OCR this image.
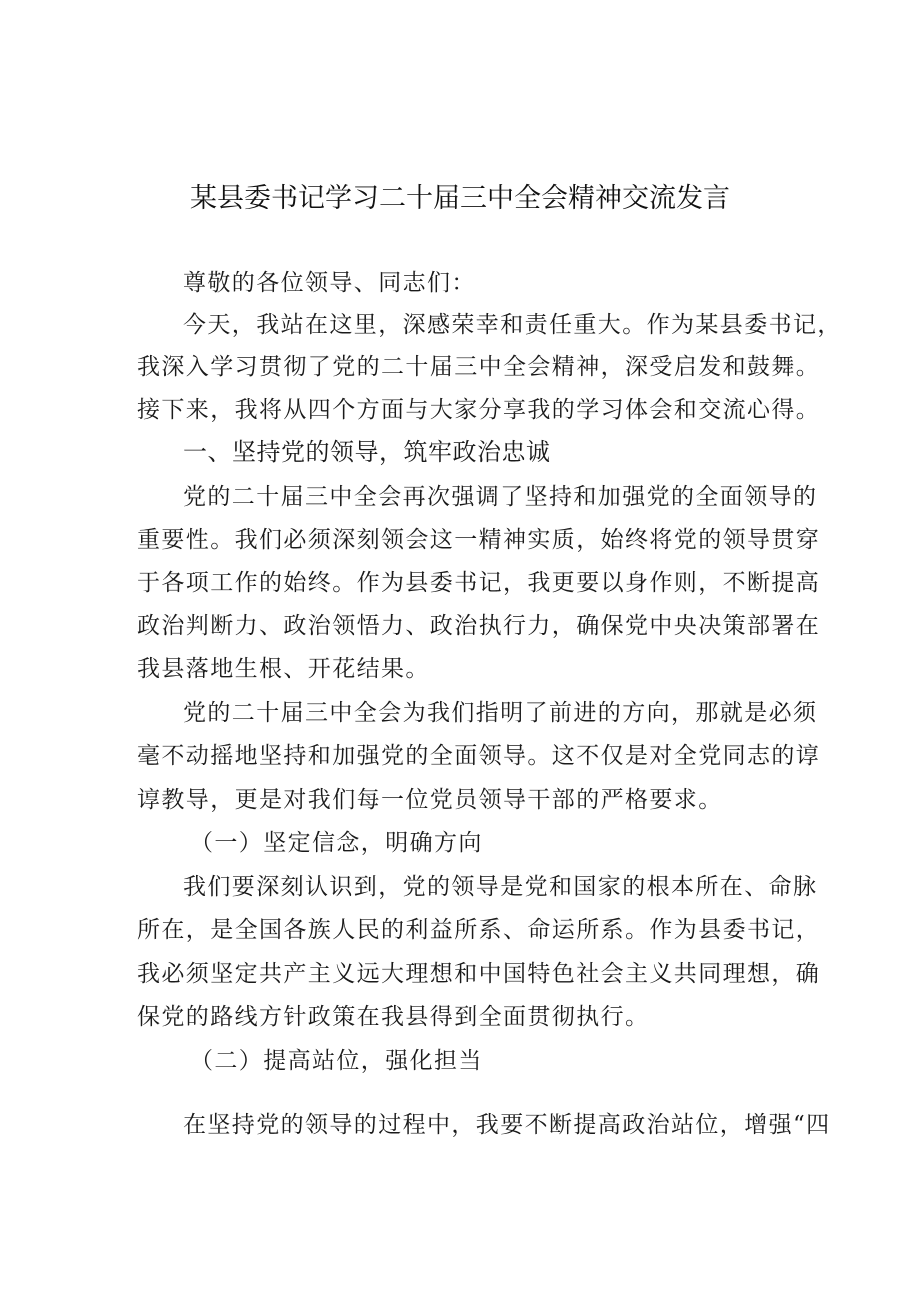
某县委书记学习二十届三中全会精神交流发言
尊敬的各位领导、同志们：
今天，我站在这里，深感荣幸和责任重大。作为某县委书记，
我深入学习贯彻了党的二十届三中全会精神，深受启发和鼓舞。
接下来，我将从四个方面与大家分享我的学习体会和交流心得。
一、坚持党的领导，筑牢政治忠诚
党的二十届三中全会再次强调了坚持和加强党的全面领导的
重要性。我们必须深刻领会这一精神实质，始终将党的领导贯穿
于各项工作的始终。作为县委书记，我更要以身作则，不断提高
政治判断力、政治领悟力、政治执行力，确保党中央决策部署在
我县落地生根、开花结果。
党的二十届三中全会为我们指明了前进的方向，那就是必须
毫不动摇地坚持和加强党的全面领导。这不仅是对全党同志的谆
谆教导，更是对我们每一位党员领导干部的严格要求。
（一）坚定信念，明确方向
我们要深刻认识到，党的领导是党和国家的根本所在、命脉
所在，是全国各族人民的利益所系、命运所系。作为县委书记，
我必须坚定共产主义远大理想和中国特色社会主义共同理想，确
保党的路线方针政策在我县得到全面贯彻执行。
（二）提高站位，强化担当
在坚持党的领导的过程中，我要不断提高政治站位，增强“四
